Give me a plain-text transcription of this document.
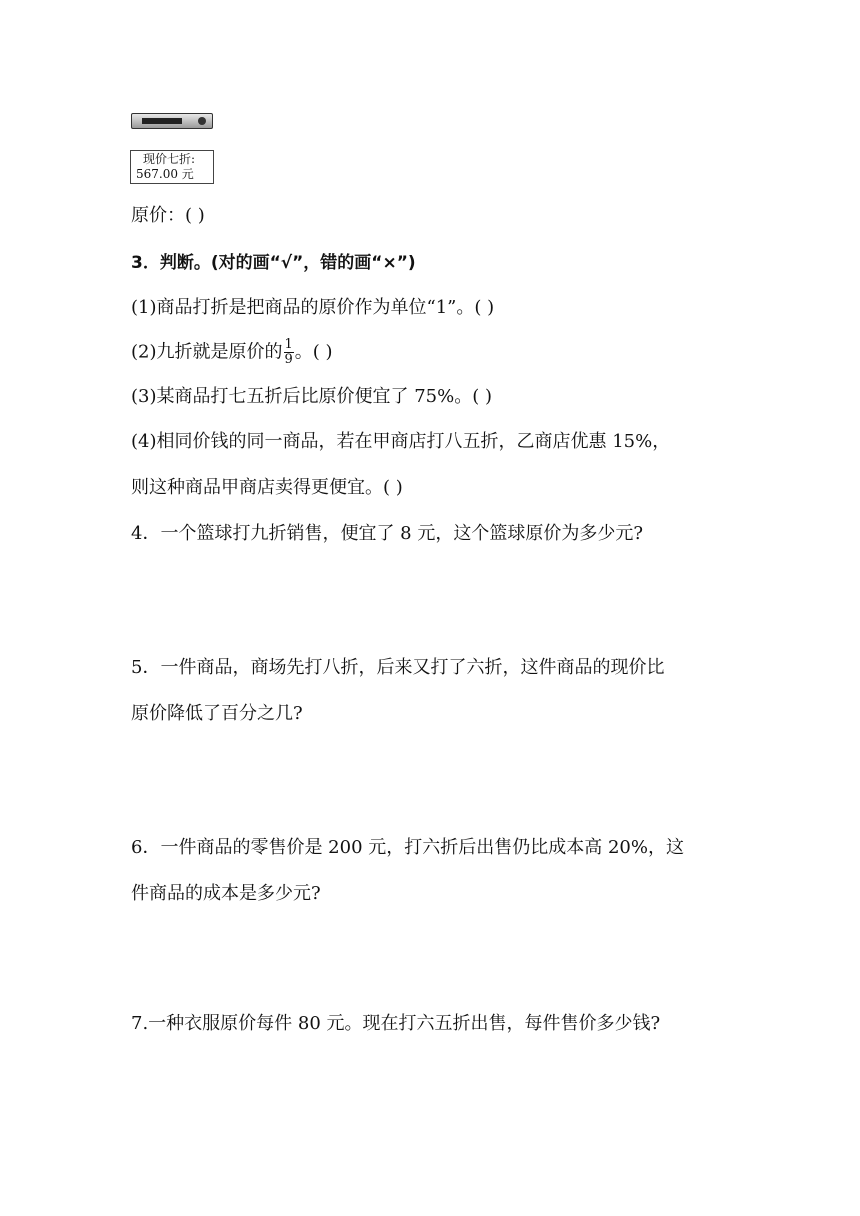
现价七折:
567.00 元
原价：( )
3．判断。(对的画“√”，错的画“×”)
(1)商品打折是把商品的原价作为单位“1”。( )
(2)九折就是原价的 $\frac{1}{9}$ 。( )
(3)某商品打七五折后比原价便宜了 75%。( )
(4)相同价钱的同一商品，若在甲商店打八五折，乙商店优惠 15%，
则这种商品甲商店卖得更便宜。( )
4．一个篮球打九折销售，便宜了 8 元，这个篮球原价为多少元?
5．一件商品，商场先打八折，后来又打了六折，这件商品的现价比
原价降低了百分之几?
6．一件商品的零售价是 200 元，打六折后出售仍比成本高 20%，这
件商品的成本是多少元?
7.一种衣服原价每件 80 元。现在打六五折出售，每件售价多少钱?
